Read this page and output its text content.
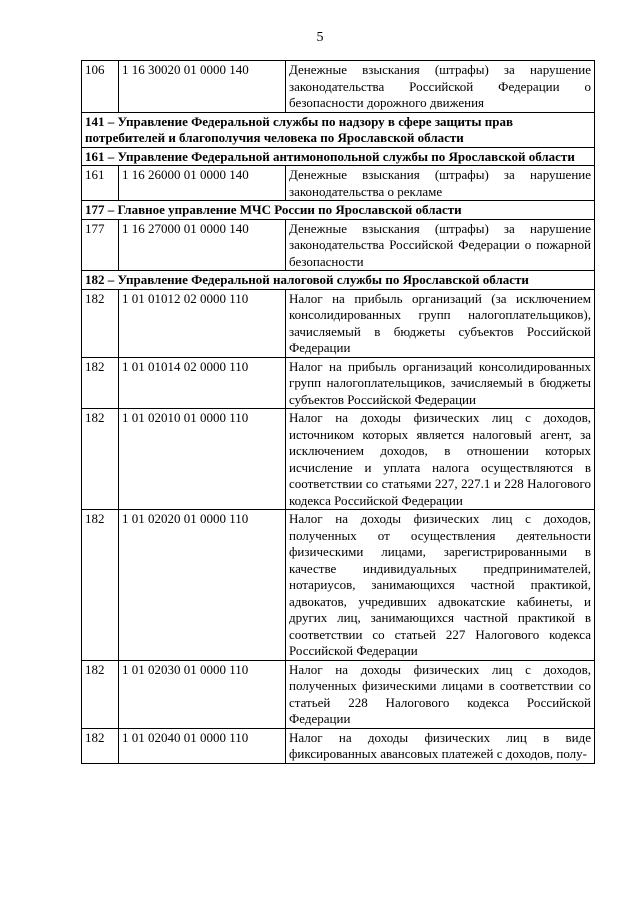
5
106	1 16 30020 01 0000 140	Денежные взыскания (штрафы) за нарушение законодательства Российской Федерации о безопасности дорожного движения
141 – Управление Федеральной службы по надзору в сфере защиты прав потребителей и благополучия человека по Ярославской области		
161 – Управление Федеральной антимонопольной службы по Ярославской области		
161	1 16 26000 01 0000 140	Денежные взыскания (штрафы) за нарушение законодательства о рекламе
177 – Главное управление МЧС России по Ярославской области		
177	1 16 27000 01 0000 140	Денежные взыскания (штрафы) за нарушение законодательства Российской Федерации о пожарной безопасности
182 – Управление Федеральной налоговой службы по Ярославской области		
182	1 01 01012 02 0000 110	Налог на прибыль организаций (за исключением консолидированных групп налогоплательщиков), зачисляемый в бюджеты субъектов Российской Федерации
182	1 01 01014 02 0000 110	Налог на прибыль организаций консолидированных групп налогоплательщиков, зачисляемый в бюджеты субъектов Российской Федерации
182	1 01 02010 01 0000 110	Налог на доходы физических лиц с доходов, источником которых является налоговый агент, за исключением доходов, в отношении которых исчисление и уплата налога осуществляются в соответствии со статьями 227, 227.1 и 228 Налогового кодекса Российской Федерации
182	1 01 02020 01 0000 110	Налог на доходы физических лиц с доходов, полученных от осуществления деятельности физическими лицами, зарегистрированными в качестве индивидуальных предпринимателей, нотариусов, занимающихся частной практикой, адвокатов, учредивших адвокатские кабинеты, и других лиц, занимающихся частной практикой в соответствии со статьей 227 Налогового кодекса Российской Федерации
182	1 01 02030 01 0000 110	Налог на доходы физических лиц с доходов, полученных физическими лицами в соответствии со статьей 228 Налогового кодекса Российской Федерации
182	1 01 02040 01 0000 110	Налог на доходы физических лиц в виде фиксированных авансовых платежей с доходов, полу-
